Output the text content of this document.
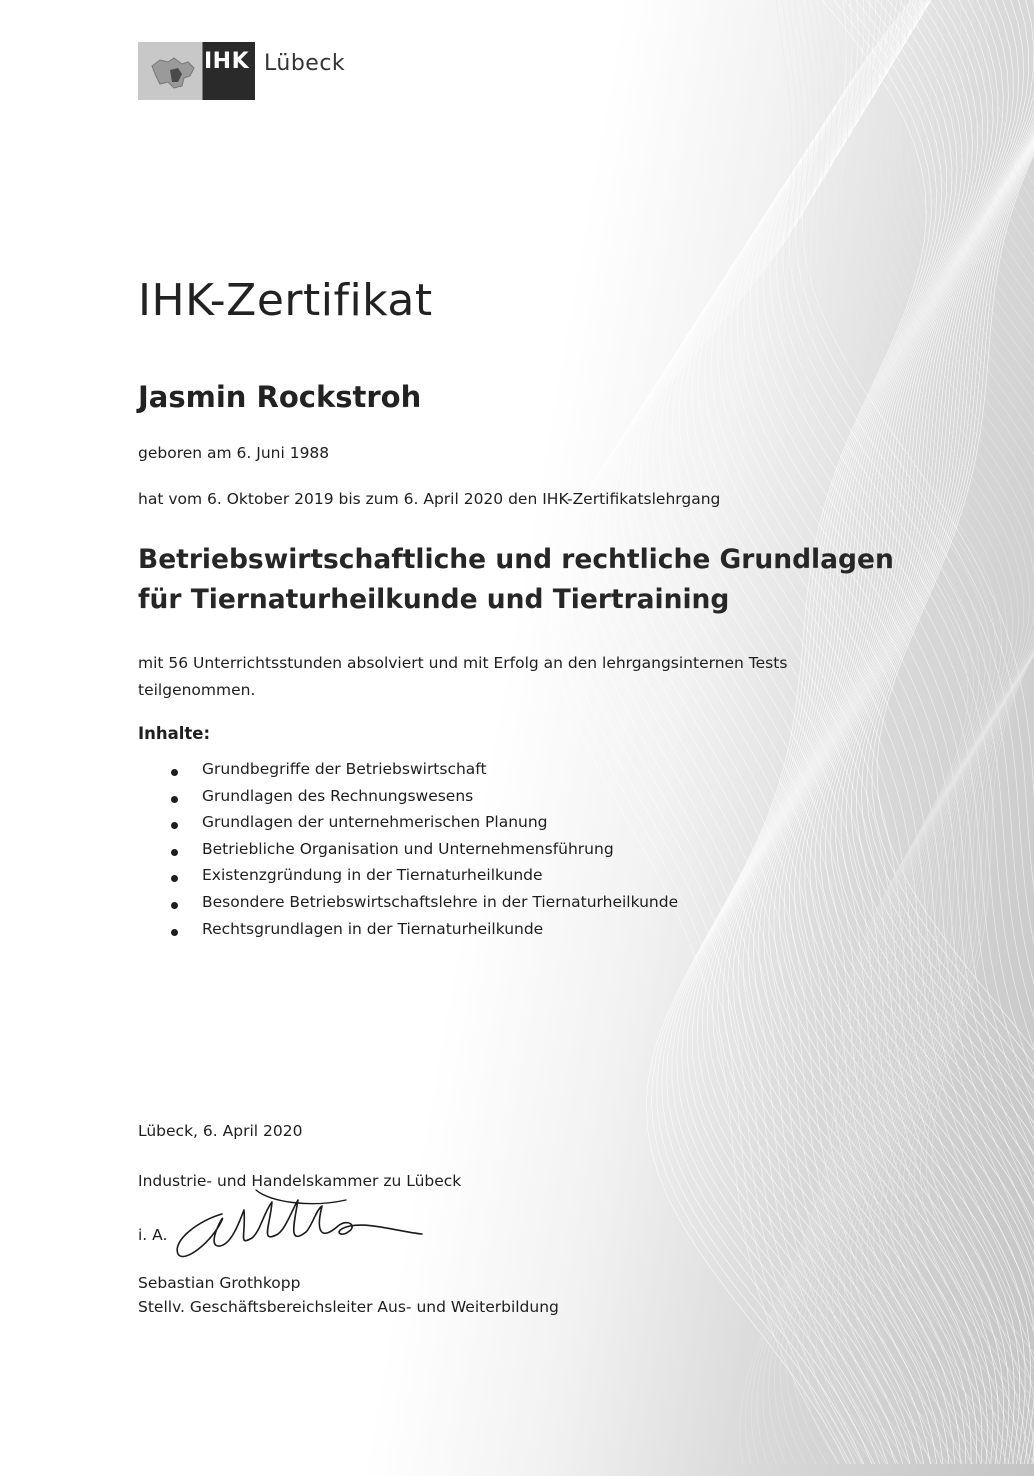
IHK Lübeck
IHK-Zertifikat
Jasmin Rockstroh
geboren am 6. Juni 1988
hat vom 6. Oktober 2019 bis zum 6. April 2020 den IHK-Zertifikatslehrgang
Betriebswirtschaftliche und rechtliche Grundlagen
für Tiernaturheilkunde und Tiertraining
mit 56 Unterrichtsstunden absolviert und mit Erfolg an den lehrgangsinternen Tests teilgenommen.
Inhalte:
Grundbegriffe der Betriebswirtschaft
Grundlagen des Rechnungswesens
Grundlagen der unternehmerischen Planung
Betriebliche Organisation und Unternehmensführung
Existenzgründung in der Tiernaturheilkunde
Besondere Betriebswirtschaftslehre in der Tiernaturheilkunde
Rechtsgrundlagen in der Tiernaturheilkunde
Lübeck, 6. April 2020
Industrie- und Handelskammer zu Lübeck
i. A.
Sebastian Grothkopp
Stellv. Geschäftsbereichsleiter Aus- und Weiterbildung
